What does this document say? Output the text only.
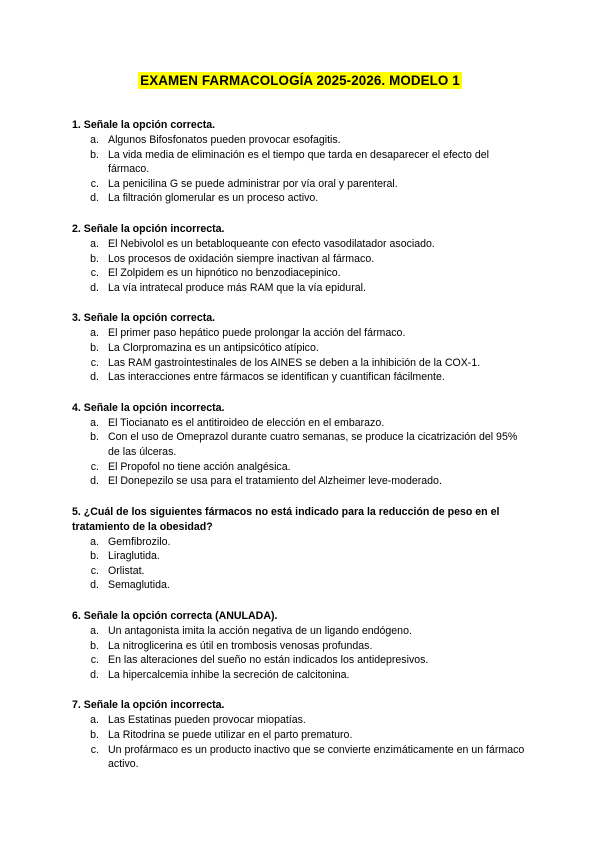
EXAMEN FARMACOLOGÍA 2025-2026. MODELO 1
1. Señale la opción correcta.
a. Algunos Bifosfonatos pueden provocar esofagitis.
b. La vida media de eliminación es el tiempo que tarda en desaparecer el efecto del fármaco.
c. La penicilina G se puede administrar por vía oral y parenteral.
d. La filtración glomerular es un proceso activo.
2. Señale la opción incorrecta.
a. El Nebivolol es un betabloqueante con efecto vasodilatador asociado.
b. Los procesos de oxidación siempre inactivan al fármaco.
c. El Zolpidem es un hipnótico no benzodiacepinico.
d. La vía intratecal produce más RAM que la vía epidural.
3. Señale la opción correcta.
a. El primer paso hepático puede prolongar la acción del fármaco.
b. La Clorpromazina es un antipsicótico atípico.
c. Las RAM gastrointestinales de los AINES se deben a la inhibición de la COX-1.
d. Las interacciones entre fármacos se identifican y cuantifican fácilmente.
4. Señale la opción incorrecta.
a. El Tiocianato es el antitiroideo de elección en el embarazo.
b. Con el uso de Omeprazol durante cuatro semanas, se produce la cicatrización del 95% de las úlceras.
c. El Propofol no tiene acción analgésica.
d. El Donepezilo se usa para el tratamiento del Alzheimer leve-moderado.
5. ¿Cuál de los siguientes fármacos no está indicado para la reducción de peso en el tratamiento de la obesidad?
a. Gemfibrozilo.
b. Liraglutida.
c. Orlistat.
d. Semaglutida.
6. Señale la opción correcta (ANULADA).
a. Un antagonista imita la acción negativa de un ligando endógeno.
b. La nitroglicerina es útil en trombosis venosas profundas.
c. En las alteraciones del sueño no están indicados los antidepresivos.
d. La hipercalcemia inhibe la secreción de calcitonina.
7. Señale la opción incorrecta.
a. Las Estatinas pueden provocar miopatías.
b. La Ritodrina se puede utilizar en el parto prematuro.
c. Un profármaco es un producto inactivo que se convierte enzimáticamente en un fármaco activo.
